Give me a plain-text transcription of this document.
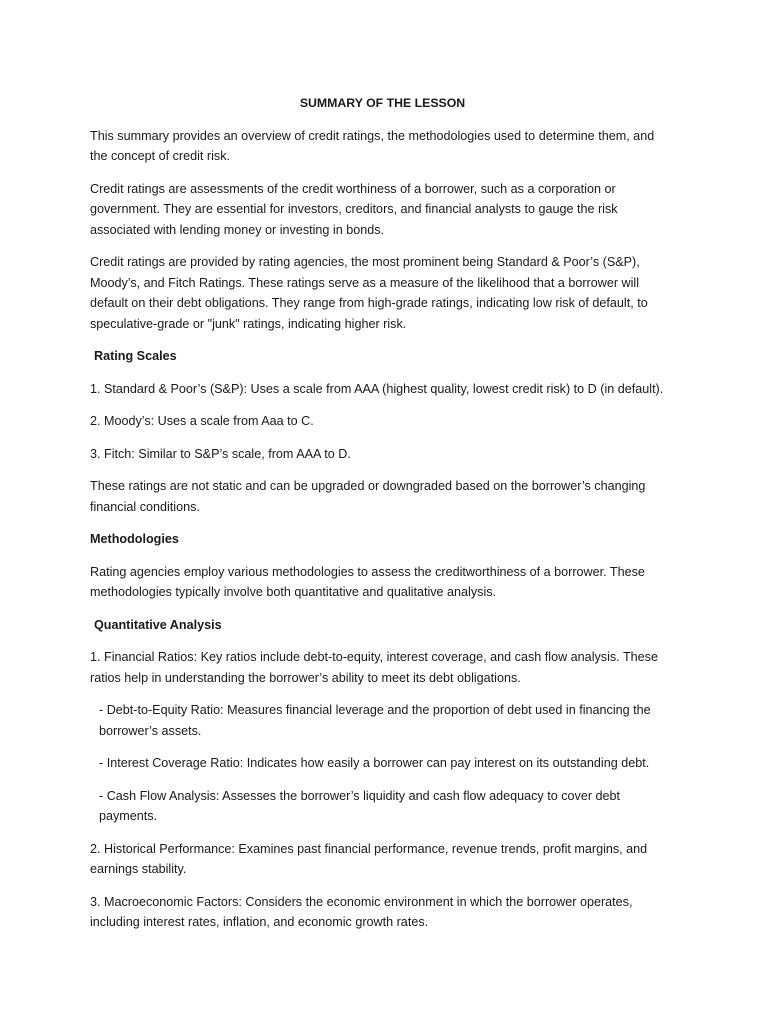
SUMMARY OF THE LESSON

This summary provides an overview of credit ratings, the methodologies used to determine them, and the concept of credit risk.

Credit ratings are assessments of the credit worthiness of a borrower, such as a corporation or government. They are essential for investors, creditors, and financial analysts to gauge the risk associated with lending money or investing in bonds.

Credit ratings are provided by rating agencies, the most prominent being Standard & Poor’s (S&P), Moody’s, and Fitch Ratings. These ratings serve as a measure of the likelihood that a borrower will default on their debt obligations. They range from high-grade ratings, indicating low risk of default, to speculative-grade or "junk" ratings, indicating higher risk.

Rating Scales

1. Standard & Poor’s (S&P): Uses a scale from AAA (highest quality, lowest credit risk) to D (in default).

2. Moody’s: Uses a scale from Aaa to C.

3. Fitch: Similar to S&P’s scale, from AAA to D.

These ratings are not static and can be upgraded or downgraded based on the borrower’s changing financial conditions.

Methodologies

Rating agencies employ various methodologies to assess the creditworthiness of a borrower. These methodologies typically involve both quantitative and qualitative analysis.

Quantitative Analysis

1. Financial Ratios: Key ratios include debt-to-equity, interest coverage, and cash flow analysis. These ratios help in understanding the borrower’s ability to meet its debt obligations.

- Debt-to-Equity Ratio: Measures financial leverage and the proportion of debt used in financing the borrower’s assets.

- Interest Coverage Ratio: Indicates how easily a borrower can pay interest on its outstanding debt.

- Cash Flow Analysis: Assesses the borrower’s liquidity and cash flow adequacy to cover debt payments.

2. Historical Performance: Examines past financial performance, revenue trends, profit margins, and earnings stability.

3. Macroeconomic Factors: Considers the economic environment in which the borrower operates, including interest rates, inflation, and economic growth rates.
